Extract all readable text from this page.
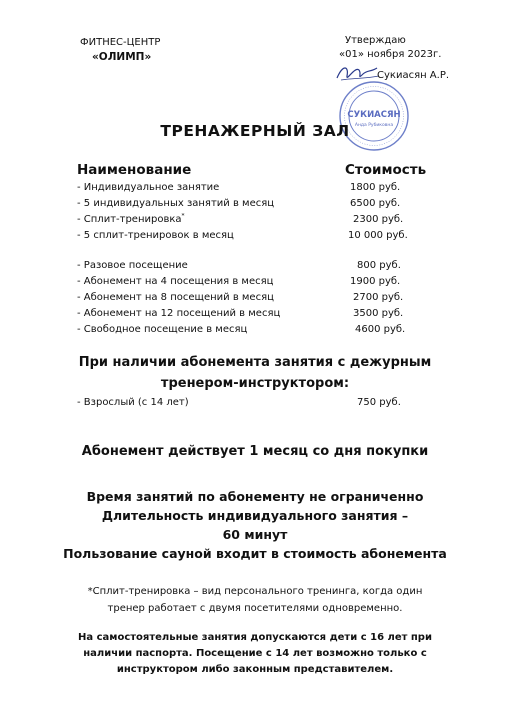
ФИТНЕС-ЦЕНТР
«ОЛИМП»
Утверждаю
«01» ноября 2023г.
Сукиасян А.Р.
СУКИАСЯН
Анда Рубиковна
ТРЕНАЖЕРНЫЙ ЗАЛ
Наименование	Стоимость
- Индивидуальное занятие	1800 руб.
- 5 индивидуальных занятий в месяц	6500 руб.
- Сплит-тренировка*	2300 руб.
- 5 сплит-тренировок в месяц	10 000 руб.
- Разовое посещение	800 руб.
- Абонемент на 4 посещения в месяц	1900 руб.
- Абонемент на 8 посещений в месяц	2700 руб.
- Абонемент на 12 посещений в месяц	3500 руб.
- Свободное посещение в месяц	4600 руб.
При наличии абонемента занятия с дежурным
тренером-инструктором:
- Взрослый (с 14 лет)	750 руб.
Абонемент действует 1 месяц со дня покупки
Время занятий по абонементу не ограниченно
Длительность индивидуального занятия –
60 минут
Пользование сауной входит в стоимость абонемента
*Сплит-тренировка – вид персонального тренинга, когда один
тренер работает с двумя посетителями одновременно.
На самостоятельные занятия допускаются дети с 16 лет при
наличии паспорта. Посещение с 14 лет возможно только с
инструктором либо законным представителем.
